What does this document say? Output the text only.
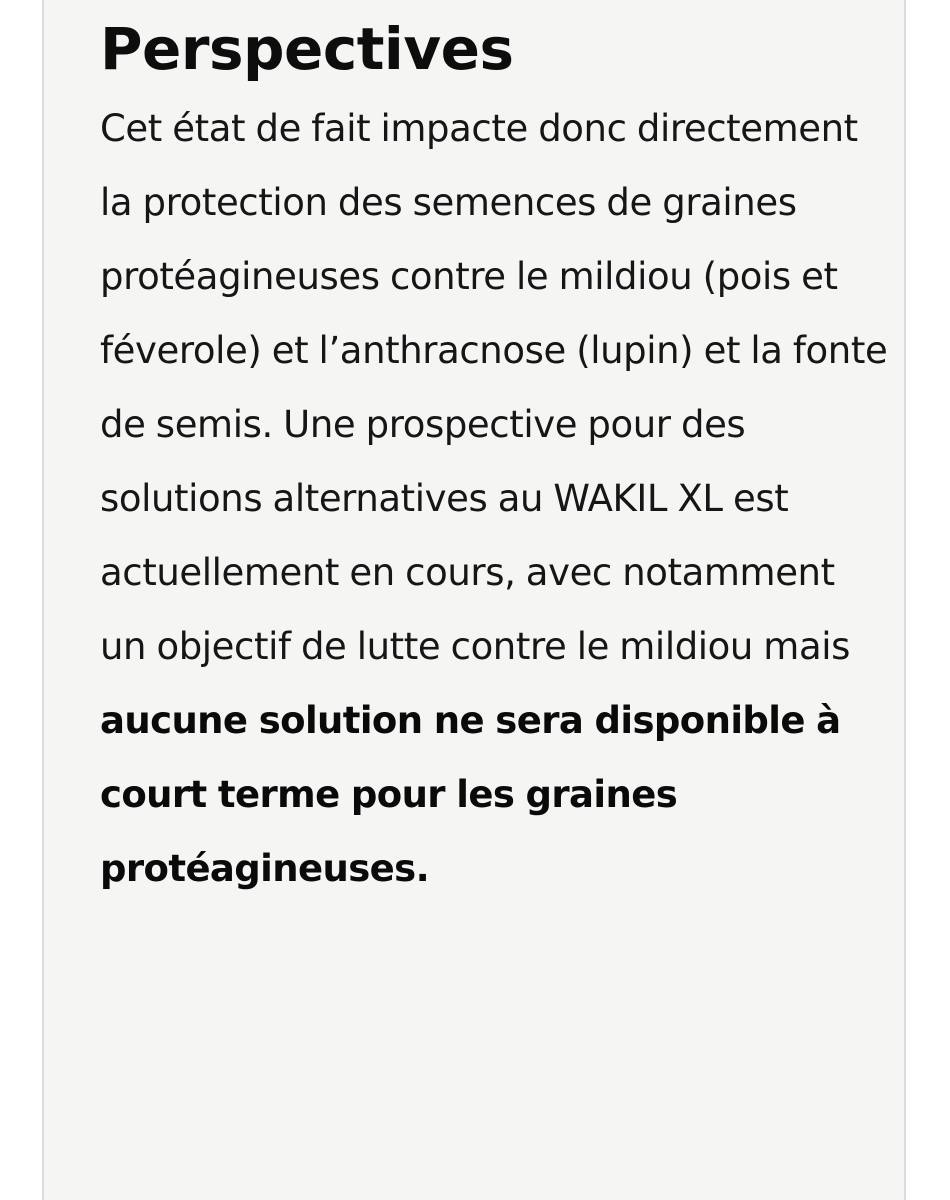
Perspectives

Cet état de fait impacte donc directement la protection des semences de graines protéagineuses contre le mildiou (pois et féverole) et l’anthracnose (lupin) et la fonte de semis. Une prospective pour des solutions alternatives au WAKIL XL est actuellement en cours, avec notamment un objectif de lutte contre le mildiou mais aucune solution ne sera disponible à court terme pour les graines protéagineuses.
